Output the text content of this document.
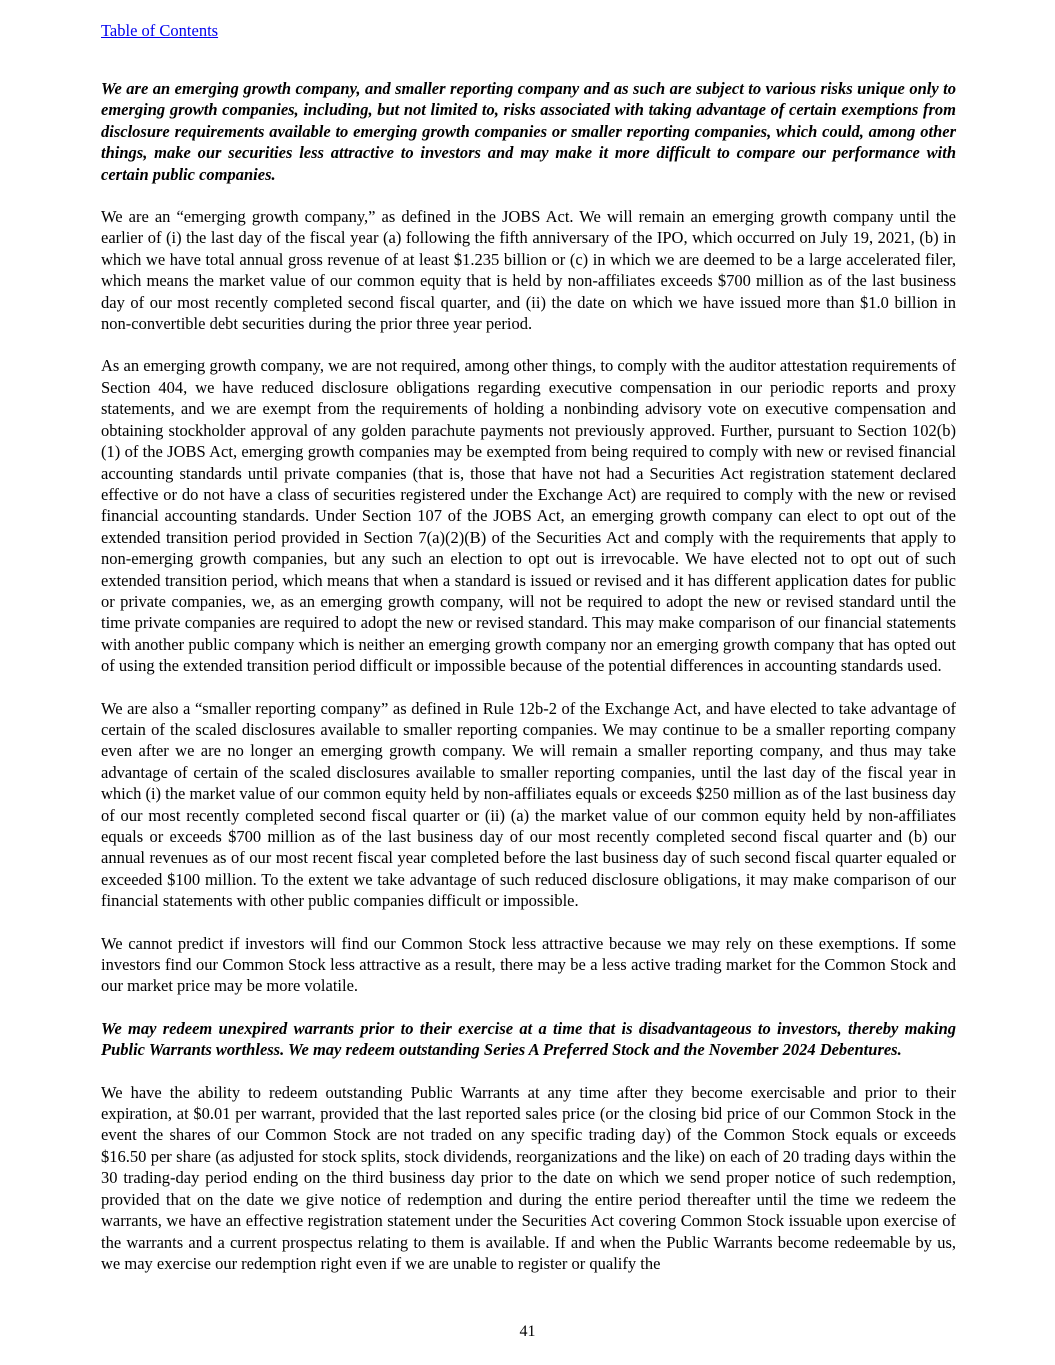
Table of Contents

We are an emerging growth company, and smaller reporting company and as such are subject to various risks unique only to emerging growth companies, including, but not limited to, risks associated with taking advantage of certain exemptions from disclosure requirements available to emerging growth companies or smaller reporting companies, which could, among other things, make our securities less attractive to investors and may make it more difficult to compare our performance with certain public companies.

We are an “emerging growth company,” as defined in the JOBS Act. We will remain an emerging growth company until the earlier of (i) the last day of the fiscal year (a) following the fifth anniversary of the IPO, which occurred on July 19, 2021, (b) in which we have total annual gross revenue of at least $1.235 billion or (c) in which we are deemed to be a large accelerated filer, which means the market value of our common equity that is held by non-affiliates exceeds $700 million as of the last business day of our most recently completed second fiscal quarter, and (ii) the date on which we have issued more than $1.0 billion in non-convertible debt securities during the prior three year period.

As an emerging growth company, we are not required, among other things, to comply with the auditor attestation requirements of Section 404, we have reduced disclosure obligations regarding executive compensation in our periodic reports and proxy statements, and we are exempt from the requirements of holding a nonbinding advisory vote on executive compensation and obtaining stockholder approval of any golden parachute payments not previously approved. Further, pursuant to Section 102(b)(1) of the JOBS Act, emerging growth companies may be exempted from being required to comply with new or revised financial accounting standards until private companies (that is, those that have not had a Securities Act registration statement declared effective or do not have a class of securities registered under the Exchange Act) are required to comply with the new or revised financial accounting standards. Under Section 107 of the JOBS Act, an emerging growth company can elect to opt out of the extended transition period provided in Section 7(a)(2)(B) of the Securities Act and comply with the requirements that apply to non-emerging growth companies, but any such an election to opt out is irrevocable. We have elected not to opt out of such extended transition period, which means that when a standard is issued or revised and it has different application dates for public or private companies, we, as an emerging growth company, will not be required to adopt the new or revised standard until the time private companies are required to adopt the new or revised standard. This may make comparison of our financial statements with another public company which is neither an emerging growth company nor an emerging growth company that has opted out of using the extended transition period difficult or impossible because of the potential differences in accounting standards used.

We are also a “smaller reporting company” as defined in Rule 12b-2 of the Exchange Act, and have elected to take advantage of certain of the scaled disclosures available to smaller reporting companies. We may continue to be a smaller reporting company even after we are no longer an emerging growth company. We will remain a smaller reporting company, and thus may take advantage of certain of the scaled disclosures available to smaller reporting companies, until the last day of the fiscal year in which (i) the market value of our common equity held by non-affiliates equals or exceeds $250 million as of the last business day of our most recently completed second fiscal quarter or (ii) (a) the market value of our common equity held by non-affiliates equals or exceeds $700 million as of the last business day of our most recently completed second fiscal quarter and (b) our annual revenues as of our most recent fiscal year completed before the last business day of such second fiscal quarter equaled or exceeded $100 million. To the extent we take advantage of such reduced disclosure obligations, it may make comparison of our financial statements with other public companies difficult or impossible.

We cannot predict if investors will find our Common Stock less attractive because we may rely on these exemptions. If some investors find our Common Stock less attractive as a result, there may be a less active trading market for the Common Stock and our market price may be more volatile.

We may redeem unexpired warrants prior to their exercise at a time that is disadvantageous to investors, thereby making Public Warrants worthless. We may redeem outstanding Series A Preferred Stock and the November 2024 Debentures.

We have the ability to redeem outstanding Public Warrants at any time after they become exercisable and prior to their expiration, at $0.01 per warrant, provided that the last reported sales price (or the closing bid price of our Common Stock in the event the shares of our Common Stock are not traded on any specific trading day) of the Common Stock equals or exceeds $16.50 per share (as adjusted for stock splits, stock dividends, reorganizations and the like) on each of 20 trading days within the 30 trading-day period ending on the third business day prior to the date on which we send proper notice of such redemption, provided that on the date we give notice of redemption and during the entire period thereafter until the time we redeem the warrants, we have an effective registration statement under the Securities Act covering Common Stock issuable upon exercise of the warrants and a current prospectus relating to them is available. If and when the Public Warrants become redeemable by us, we may exercise our redemption right even if we are unable to register or qualify the

41
